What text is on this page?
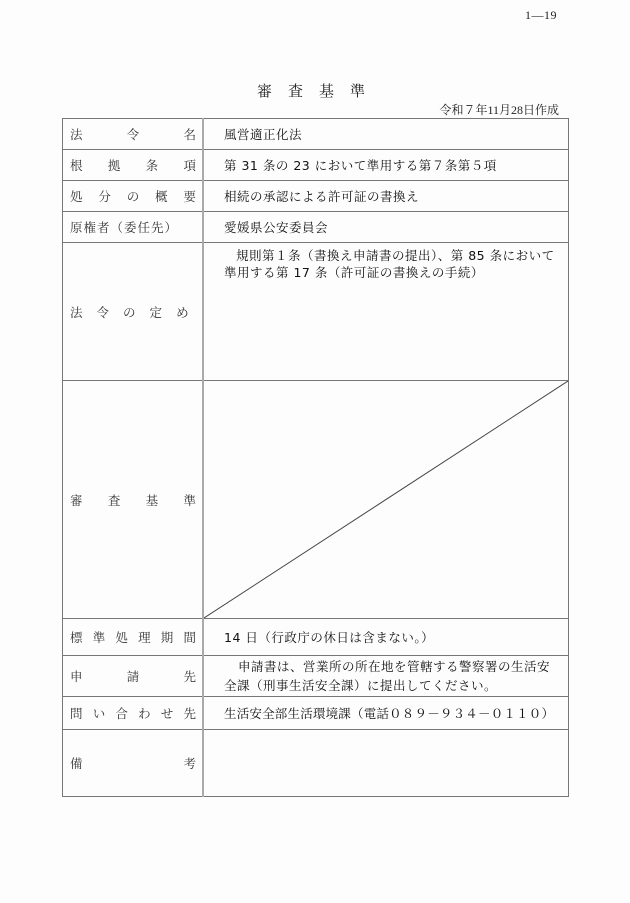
1―19
審査基準
令和７年11月28日作成
法 令 名	風営適正化法

根 拠 条 項	第 31 条の 23 において準用する第７条第５項

処 分 の 概 要	相続の承認による許可証の書換え

原権者（委任先）	愛媛県公安委員会

法 令 の 定 め	規則第１条（書換え申請書の提出）、第 85 条において準用する第 17 条（許可証の書換えの手続）

審 査 基 準

標 準 処 理 期 間	14 日（行政庁の休日は含まない。）

申 請 先	申請書は、営業所の所在地を管轄する警察署の生活安全課（刑事生活安全課）に提出してください。

問 い 合 わ せ 先	生活安全部生活環境課（電話０８９－９３４－０１１０）

備 考	
